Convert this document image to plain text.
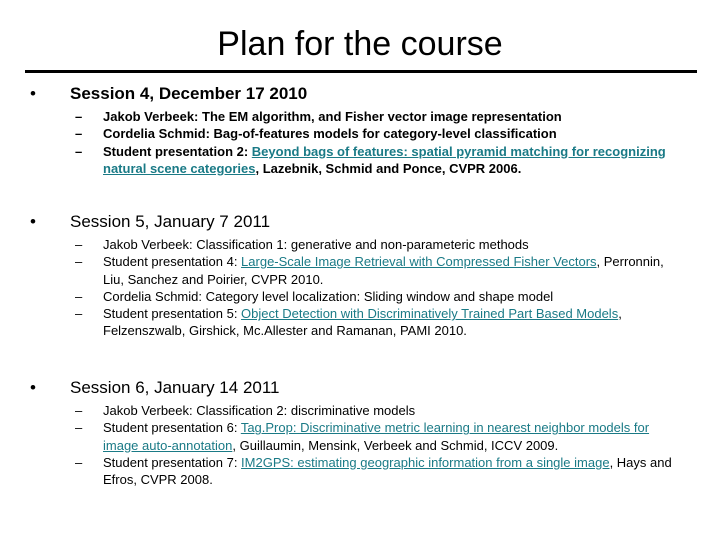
Plan for the course
• Session 4, December 17 2010

– Jakob Verbeek: The EM algorithm, and Fisher vector image representation

– Cordelia Schmid: Bag-of-features models for category-level classification

– Student presentation 2: Beyond bags of features: spatial pyramid matching for recognizing natural scene categories, Lazebnik, Schmid and Ponce, CVPR 2006.

• Session 5, January 7 2011

– Jakob Verbeek: Classification 1: generative and non-parameteric methods

– Student presentation 4: Large-Scale Image Retrieval with Compressed Fisher Vectors, Perronnin, Liu, Sanchez and Poirier, CVPR 2010.

– Cordelia Schmid: Category level localization: Sliding window and shape model

– Student presentation 5: Object Detection with Discriminatively Trained Part Based Models, Felzenszwalb, Girshick, Mc.Allester and Ramanan, PAMI 2010.

• Session 6, January 14 2011

– Jakob Verbeek: Classification 2: discriminative models

– Student presentation 6: Tag.Prop: Discriminative metric learning in nearest neighbor models for image auto-annotation, Guillaumin, Mensink, Verbeek and Schmid, ICCV 2009.

– Student presentation 7: IM2GPS: estimating geographic information from a single image, Hays and Efros, CVPR 2008.
